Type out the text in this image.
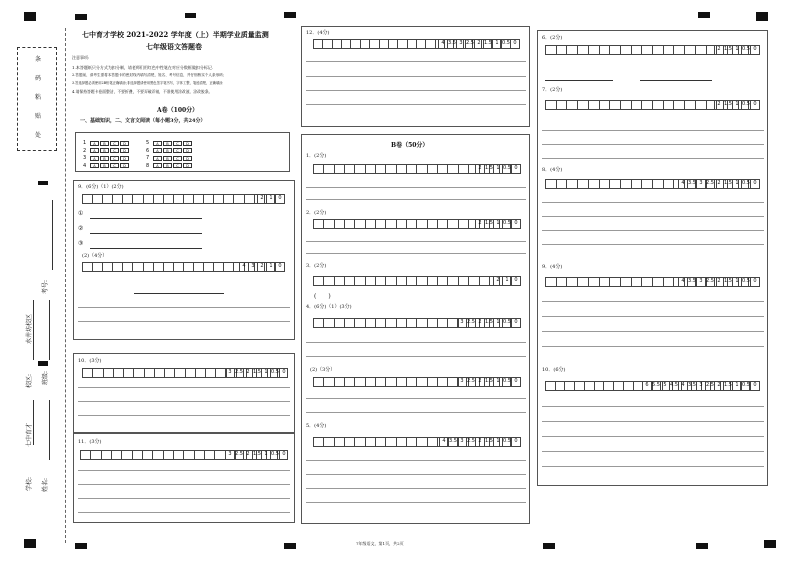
条
码
粘
贴
处
考号:
水井坊校区
班级:
校区:
七中育才
学校:	姓名:
七中育才学校 2021-2022 学年度（上）半期学业质量监测
七年级语文答题卷
注意事项:
1.本答题纸只分方式为扣分制，请老师们用红色中性笔在对应分数框做扣分标记.
2.答题前，请考生需将本答题卡的密封线内填写清楚，姓名、考号信息，并仔细核实个人条形码;
3.答选择题必须使用2B铅笔正确填涂;非选择题请使用黑色签字笔书写，字体工整，笔迹清楚，正确填涂
4.请保持答题卡卷面整洁，不要折叠，不要弄破弄皱，不准使用涂改液、涂改胶条。
A卷（100分）
一、基础知识，二、文言文阅读（每小题3分，共24分）
1	A	B	C	D
2	A	B	C	D
3	A	B	C	D
4	A	B	C	D
5	A	B	C	D
6	A	B	C	D
7	A	B	C	D
8	A	B	C	D
9．(6分)（1）(2分)
2	1	0
①
②
③
(2)（4分）
4	3	2	1	0
10．(3分)
3 2.5 2 1.5 1 0.5 0
11．(3分)
3 2.5 2 1.5 1 0.5 0
12．(4分)
4 3.5 3 2.5 2 1.5 1 0.5 0
B卷（50分）
1．(2分)
2 1.5 1 0.5 0
2．(2分)
2 1.5 1 0.5 0
3．(2分)
2	1	0
(　　)
4．(6分)（1）(3分)
3 2.5 2 1.5 1 0.5 0
(2)（3分）
3 2.5 2 1.5 1 0.5 0
5．(4分)
4 3.5 3 2.5 2 1.5 1 0.5 0
6．(2分)
2 1.5 1 0.5 0
7．(2分)
2 1.5 1 0.5 0
8．(4分)
4 3.5 3 2.5 2 1.5 1 0.5 0
9．(4分)
4 3.5 3 2.5 2 1.5 1 0.5 0
10．(6分)
6 5.5 5 4.5 4 3.5 3 2.5 2 1.5 1 0.5 0
7年级语文，第1页，共2页
